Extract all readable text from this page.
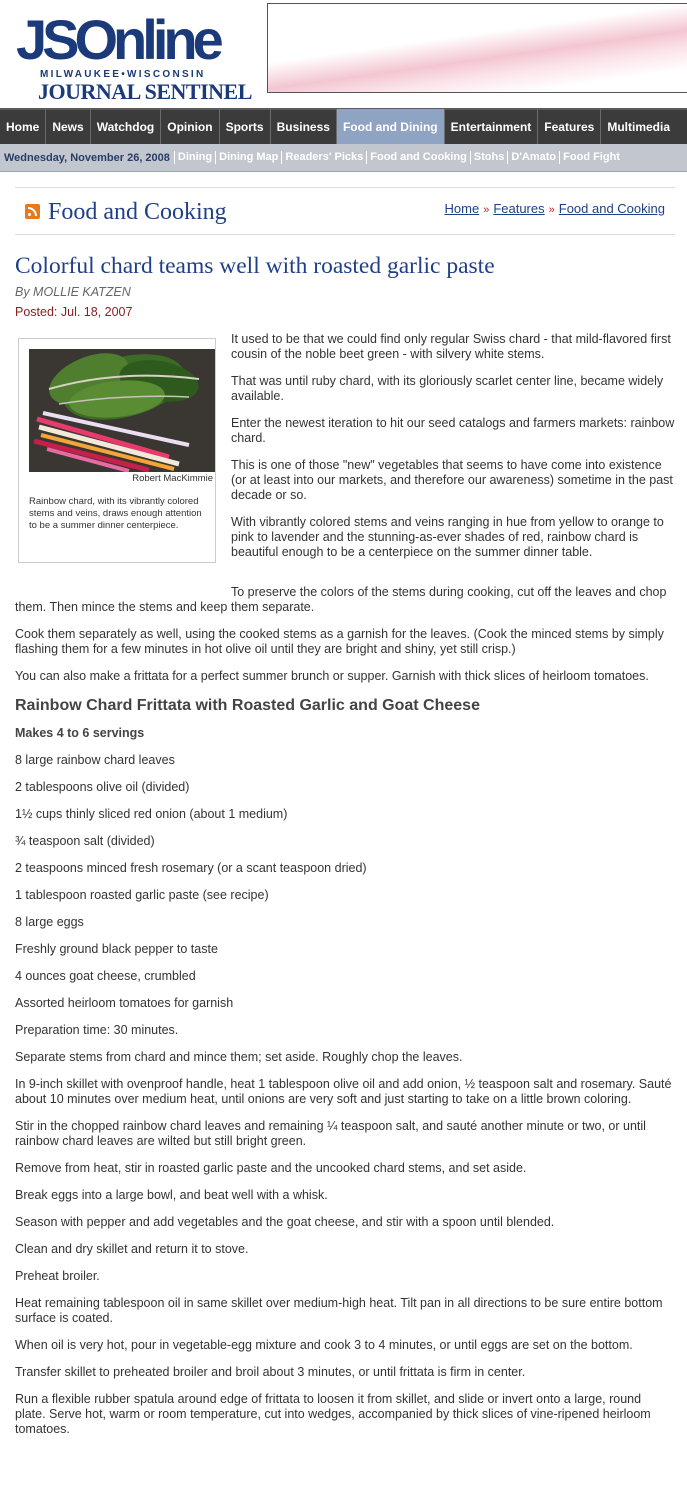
JSOnline
MILWAUKEE•WISCONSIN
JOURNAL SENTINEL
Home	News	Watchdog	Opinion	Sports	Business	Food and Dining	Entertainment	Features	Multimedia
Wednesday, November 26, 2008 Dining Dining Map Readers' Picks Food and Cooking Stohs D'Amato Food Fight
Food and Cooking	Home » Features » Food and Cooking
Colorful chard teams well with roasted garlic paste
By MOLLIE KATZEN
Posted: Jul. 18, 2007
Robert MacKimmie
Rainbow chard, with its vibrantly colored stems and veins, draws enough attention to be a summer dinner centerpiece.

It used to be that we could find only regular Swiss chard - that mild-flavored first cousin of the noble beet green - with silvery white stems.

That was until ruby chard, with its gloriously scarlet center line, became widely available.

Enter the newest iteration to hit our seed catalogs and farmers markets: rainbow chard.

This is one of those "new" vegetables that seems to have come into existence (or at least into our markets, and therefore our awareness) sometime in the past decade or so.

With vibrantly colored stems and veins ranging in hue from yellow to orange to pink to lavender and the stunning-as-ever shades of red, rainbow chard is beautiful enough to be a centerpiece on the summer dinner table.

To preserve the colors of the stems during cooking, cut off the leaves and chop them. Then mince the stems and keep them separate.

Cook them separately as well, using the cooked stems as a garnish for the leaves. (Cook the minced stems by simply flashing them for a few minutes in hot olive oil until they are bright and shiny, yet still crisp.)

You can also make a frittata for a perfect summer brunch or supper. Garnish with thick slices of heirloom tomatoes.

Rainbow Chard Frittata with Roasted Garlic and Goat Cheese

Makes 4 to 6 servings

8 large rainbow chard leaves

2 tablespoons olive oil (divided)

1½ cups thinly sliced red onion (about 1 medium)

¾ teaspoon salt (divided)

2 teaspoons minced fresh rosemary (or a scant teaspoon dried)

1 tablespoon roasted garlic paste (see recipe)

8 large eggs

Freshly ground black pepper to taste

4 ounces goat cheese, crumbled

Assorted heirloom tomatoes for garnish

Preparation time: 30 minutes.

Separate stems from chard and mince them; set aside. Roughly chop the leaves.

In 9-inch skillet with ovenproof handle, heat 1 tablespoon olive oil and add onion, ½ teaspoon salt and rosemary. Sauté about 10 minutes over medium heat, until onions are very soft and just starting to take on a little brown coloring.

Stir in the chopped rainbow chard leaves and remaining ¼ teaspoon salt, and sauté another minute or two, or until rainbow chard leaves are wilted but still bright green.

Remove from heat, stir in roasted garlic paste and the uncooked chard stems, and set aside.

Break eggs into a large bowl, and beat well with a whisk.

Season with pepper and add vegetables and the goat cheese, and stir with a spoon until blended.

Clean and dry skillet and return it to stove.

Preheat broiler.

Heat remaining tablespoon oil in same skillet over medium-high heat. Tilt pan in all directions to be sure entire bottom surface is coated.

When oil is very hot, pour in vegetable-egg mixture and cook 3 to 4 minutes, or until eggs are set on the bottom.

Transfer skillet to preheated broiler and broil about 3 minutes, or until frittata is firm in center.

Run a flexible rubber spatula around edge of frittata to loosen it from skillet, and slide or invert onto a large, round plate. Serve hot, warm or room temperature, cut into wedges, accompanied by thick slices of vine-ripened heirloom tomatoes.
